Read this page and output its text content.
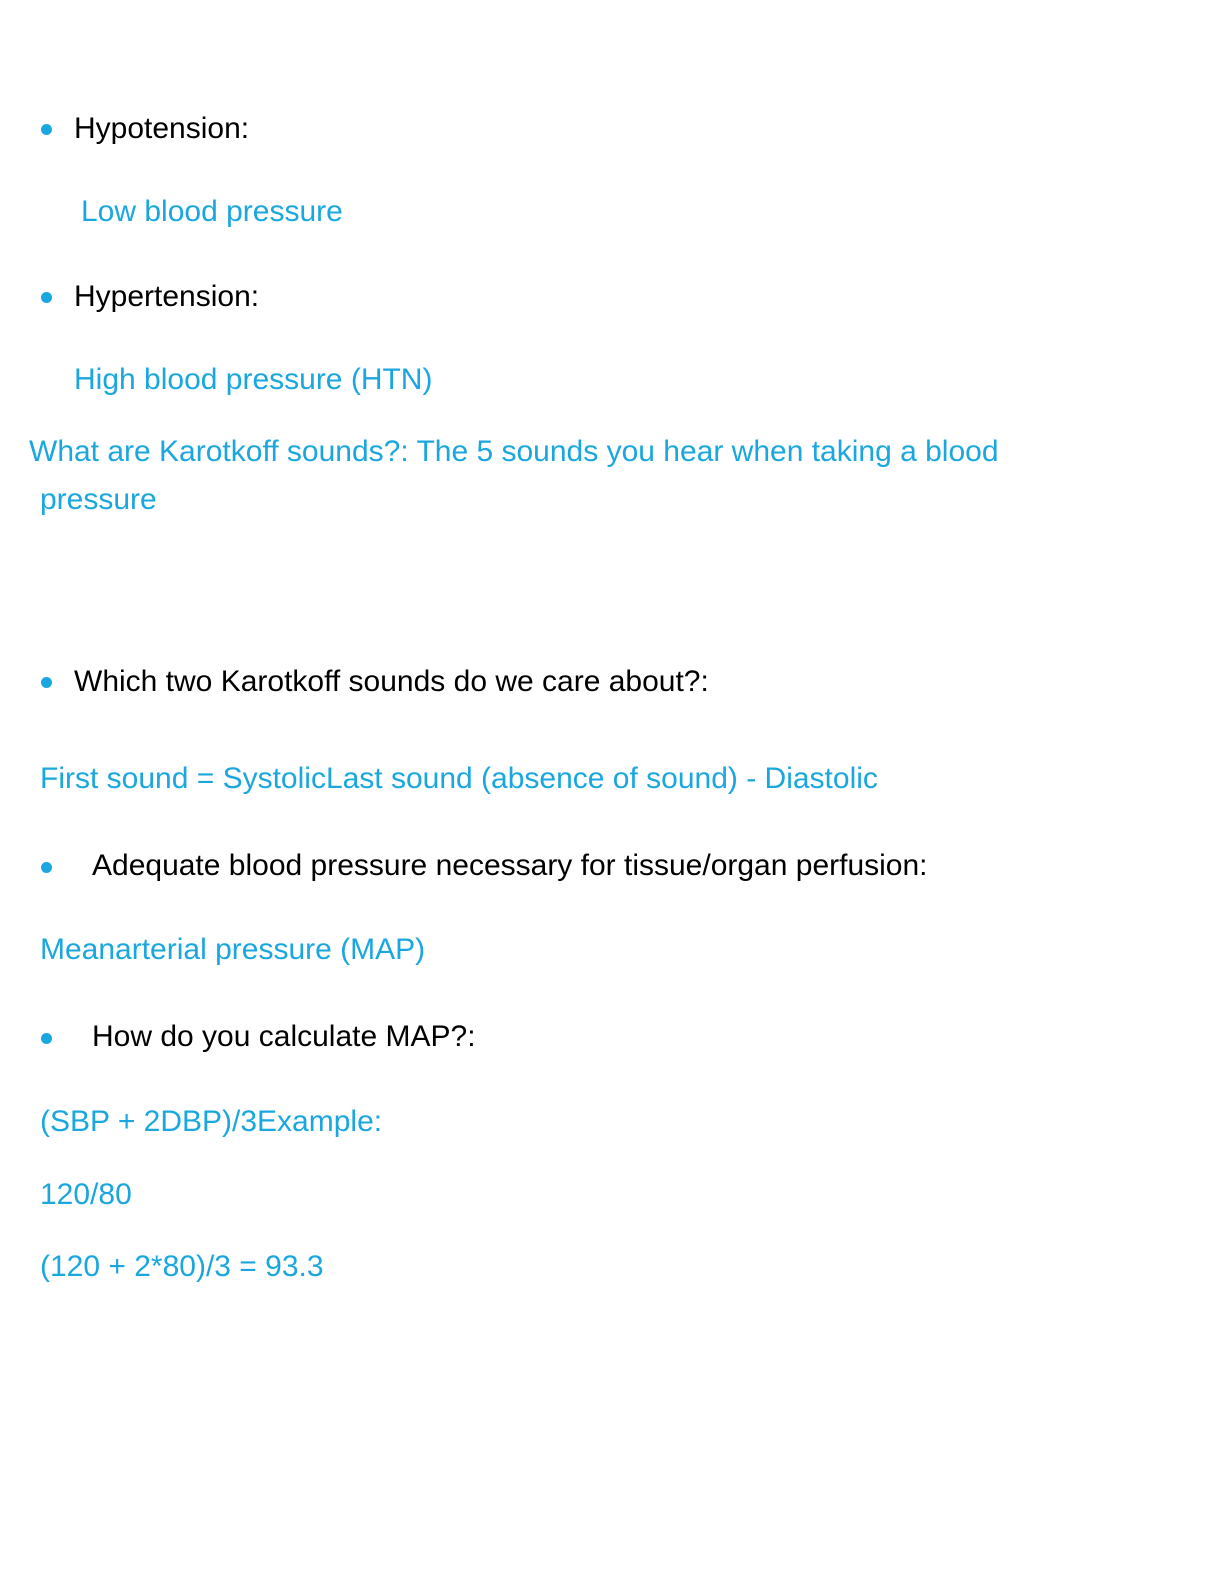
Hypotension:
Low blood pressure
Hypertension:
High blood pressure (HTN)
What are Karotkoff sounds?: The 5 sounds you hear when taking a blood
pressure
Which two Karotkoff sounds do we care about?:
First sound = SystolicLast sound (absence of sound) - Diastolic
Adequate blood pressure necessary for tissue/organ perfusion:
Meanarterial pressure (MAP)
How do you calculate MAP?:
(SBP + 2DBP)/3Example:
120/80
(120 + 2*80)/3 = 93.3
